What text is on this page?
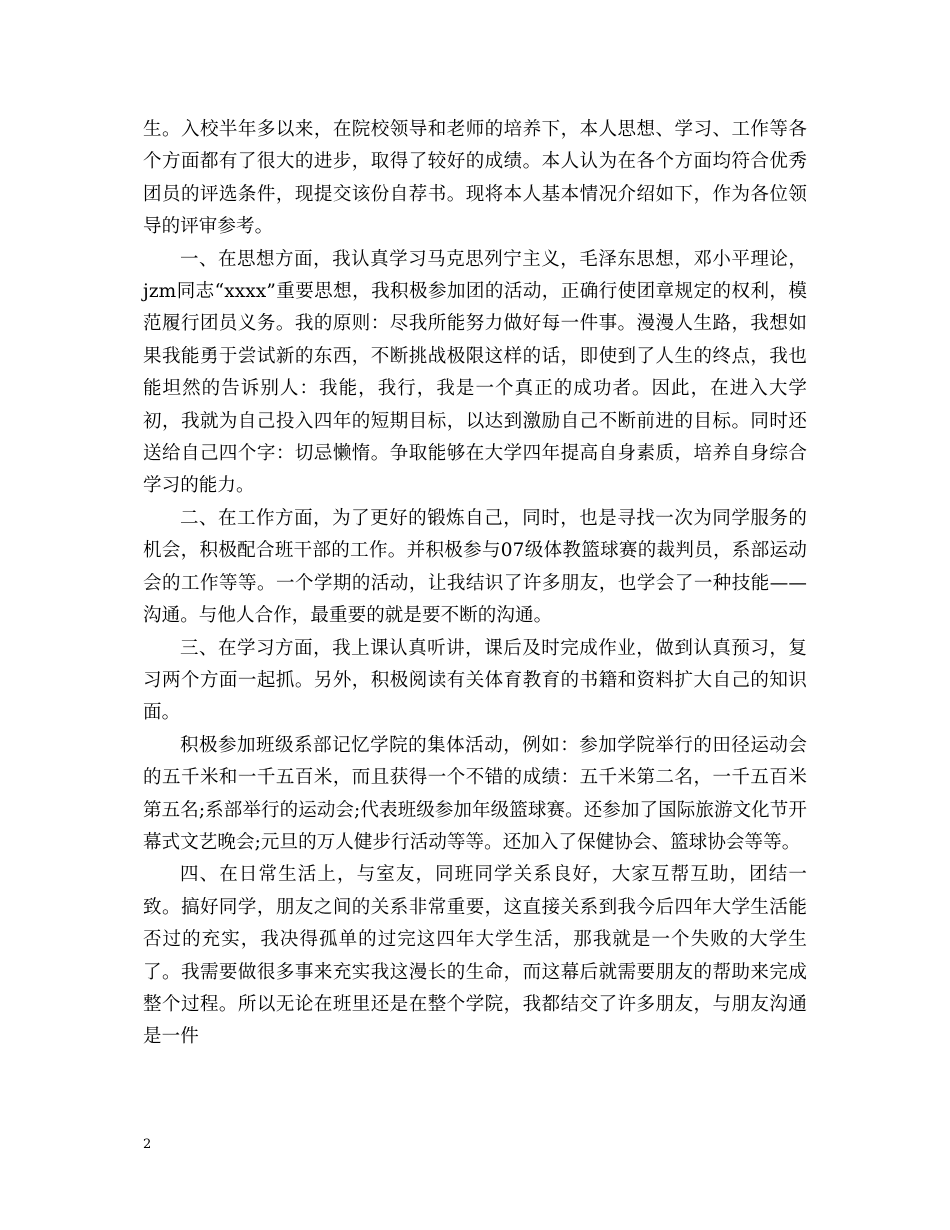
生。入校半年多以来，在院校领导和老师的培养下，本人思想、学习、工作等各个方面都有了很大的进步，取得了较好的成绩。本人认为在各个方面均符合优秀团员的评选条件，现提交该份自荐书。现将本人基本情况介绍如下，作为各位领导的评审参考。

一、在思想方面，我认真学习马克思列宁主义，毛泽东思想，邓小平理论，jzm同志“xxxx”重要思想，我积极参加团的活动，正确行使团章规定的权利，模范履行团员义务。我的原则：尽我所能努力做好每一件事。漫漫人生路，我想如果我能勇于尝试新的东西，不断挑战极限这样的话，即使到了人生的终点，我也能坦然的告诉别人：我能，我行，我是一个真正的成功者。因此，在进入大学初，我就为自己投入四年的短期目标，以达到激励自己不断前进的目标。同时还送给自己四个字：切忌懒惰。争取能够在大学四年提高自身素质，培养自身综合学习的能力。

二、在工作方面，为了更好的锻炼自己，同时，也是寻找一次为同学服务的机会，积极配合班干部的工作。并积极参与07级体教篮球赛的裁判员，系部运动会的工作等等。一个学期的活动，让我结识了许多朋友，也学会了一种技能——沟通。与他人合作，最重要的就是要不断的沟通。

三、在学习方面，我上课认真听讲，课后及时完成作业，做到认真预习，复习两个方面一起抓。另外，积极阅读有关体育教育的书籍和资料扩大自己的知识面。

积极参加班级系部记忆学院的集体活动，例如：参加学院举行的田径运动会的五千米和一千五百米，而且获得一个不错的成绩：五千米第二名，一千五百米第五名;系部举行的运动会;代表班级参加年级篮球赛。还参加了国际旅游文化节开幕式文艺晚会;元旦的万人健步行活动等等。还加入了保健协会、篮球协会等等。

四、在日常生活上，与室友，同班同学关系良好，大家互帮互助，团结一致。搞好同学，朋友之间的关系非常重要，这直接关系到我今后四年大学生活能否过的充实，我决得孤单的过完这四年大学生活，那我就是一个失败的大学生了。我需要做很多事来充实我这漫长的生命，而这幕后就需要朋友的帮助来完成整个过程。所以无论在班里还是在整个学院，我都结交了许多朋友，与朋友沟通是一件

2
